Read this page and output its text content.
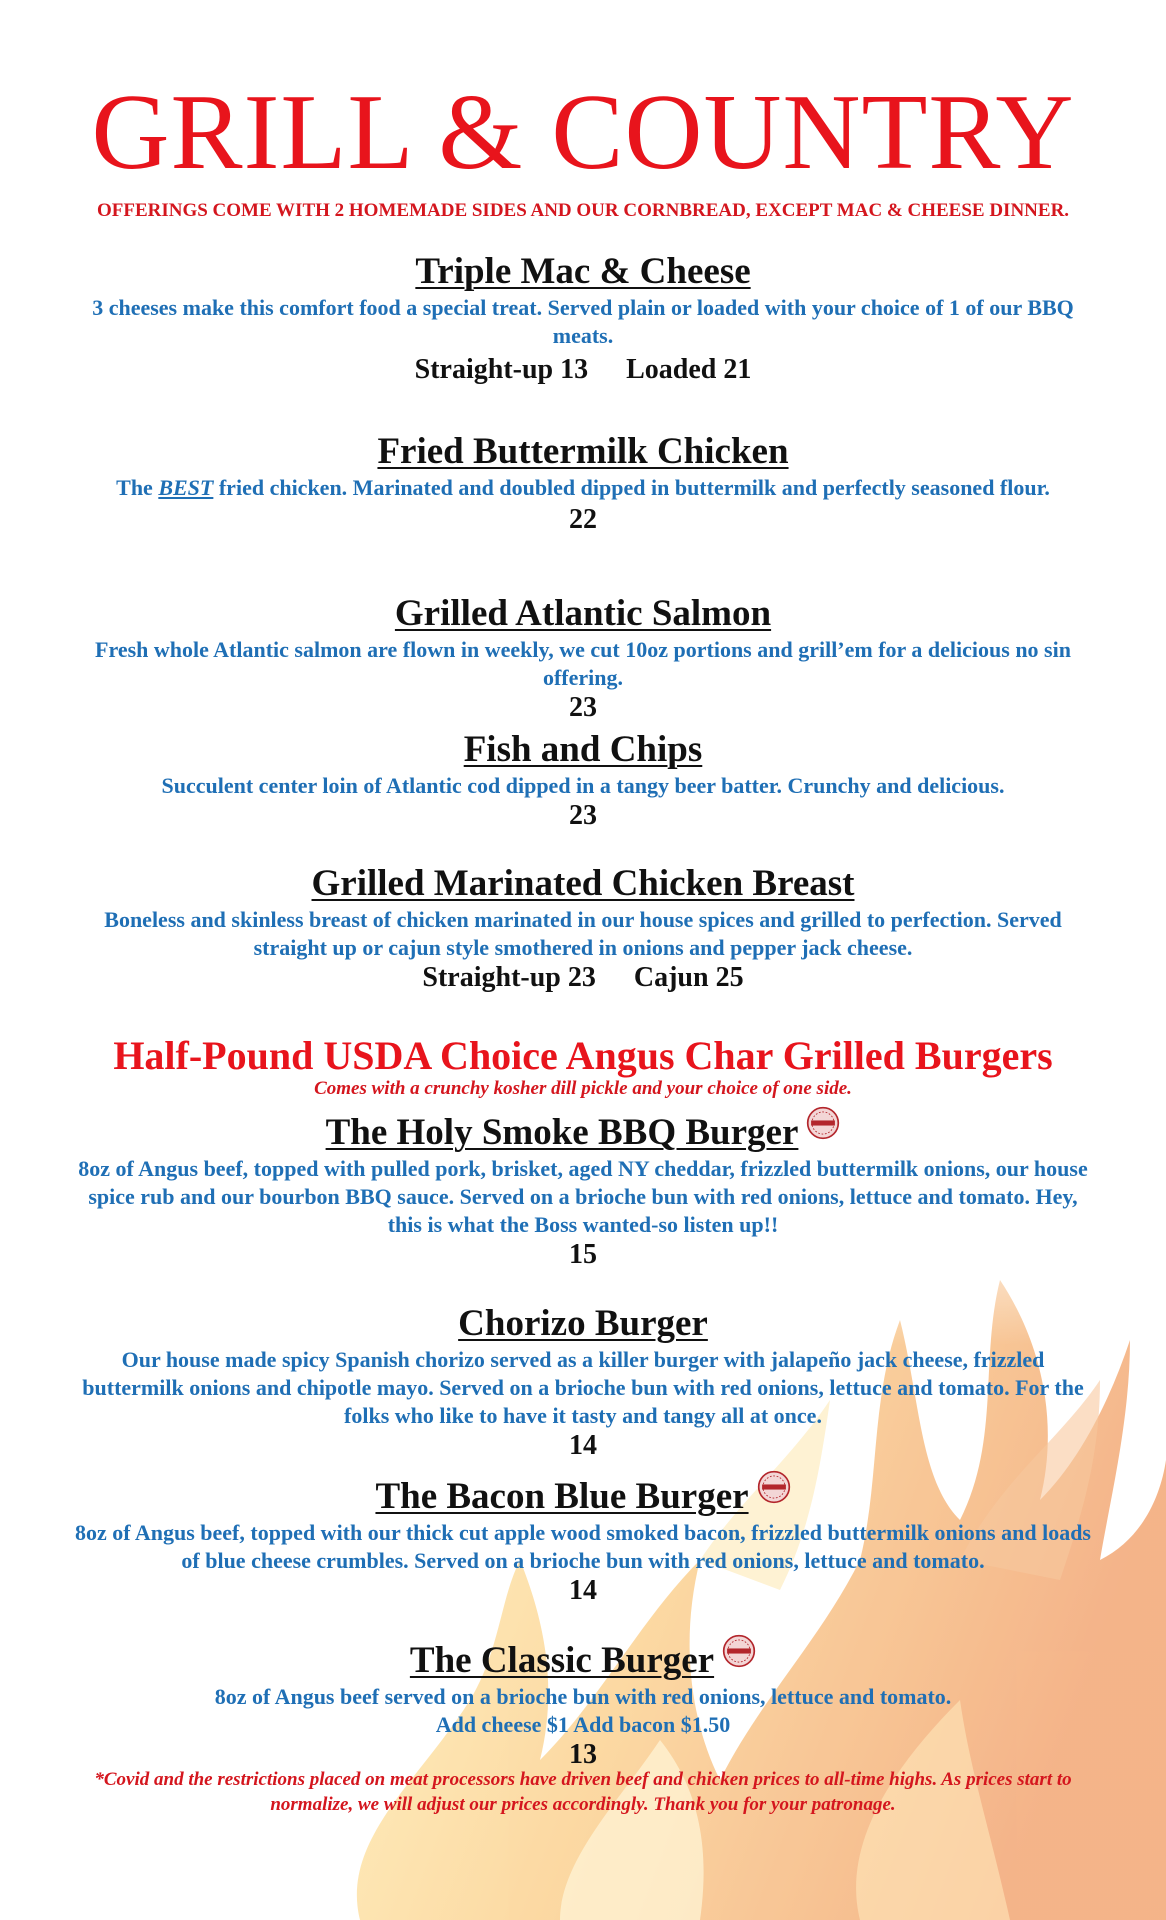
GRILL & COUNTRY
OFFERINGS COME WITH 2 HOMEMADE SIDES AND OUR CORNBREAD, EXCEPT MAC & CHEESE DINNER.
Triple Mac & Cheese
3 cheeses make this comfort food a special treat. Served plain or loaded with your choice of 1 of our BBQ meats.
Straight-up 13 Loaded 21
Fried Buttermilk Chicken
The BEST fried chicken. Marinated and doubled dipped in buttermilk and perfectly seasoned flour.
22
Grilled Atlantic Salmon
Fresh whole Atlantic salmon are flown in weekly, we cut 10oz portions and grill’em for a delicious no sin offering.
23
Fish and Chips
Succulent center loin of Atlantic cod dipped in a tangy beer batter. Crunchy and delicious.
23
Grilled Marinated Chicken Breast
Boneless and skinless breast of chicken marinated in our house spices and grilled to perfection. Served straight up or cajun style smothered in onions and pepper jack cheese.
Straight-up 23 Cajun 25
Half-Pound USDA Choice Angus Char Grilled Burgers
Comes with a crunchy kosher dill pickle and your choice of one side.
The Holy Smoke BBQ Burger
8oz of Angus beef, topped with pulled pork, brisket, aged NY cheddar, frizzled buttermilk onions, our house spice rub and our bourbon BBQ sauce. Served on a brioche bun with red onions, lettuce and tomato. Hey, this is what the Boss wanted-so listen up!!
15
Chorizo Burger
Our house made spicy Spanish chorizo served as a killer burger with jalapeño jack cheese, frizzled buttermilk onions and chipotle mayo. Served on a brioche bun with red onions, lettuce and tomato. For the folks who like to have it tasty and tangy all at once.
14
The Bacon Blue Burger
8oz of Angus beef, topped with our thick cut apple wood smoked bacon, frizzled buttermilk onions and loads of blue cheese crumbles. Served on a brioche bun with red onions, lettuce and tomato.
14
The Classic Burger
8oz of Angus beef served on a brioche bun with red onions, lettuce and tomato.
Add cheese $1 Add bacon $1.50
13
*Covid and the restrictions placed on meat processors have driven beef and chicken prices to all-time highs. As prices start to normalize, we will adjust our prices accordingly. Thank you for your patronage.
